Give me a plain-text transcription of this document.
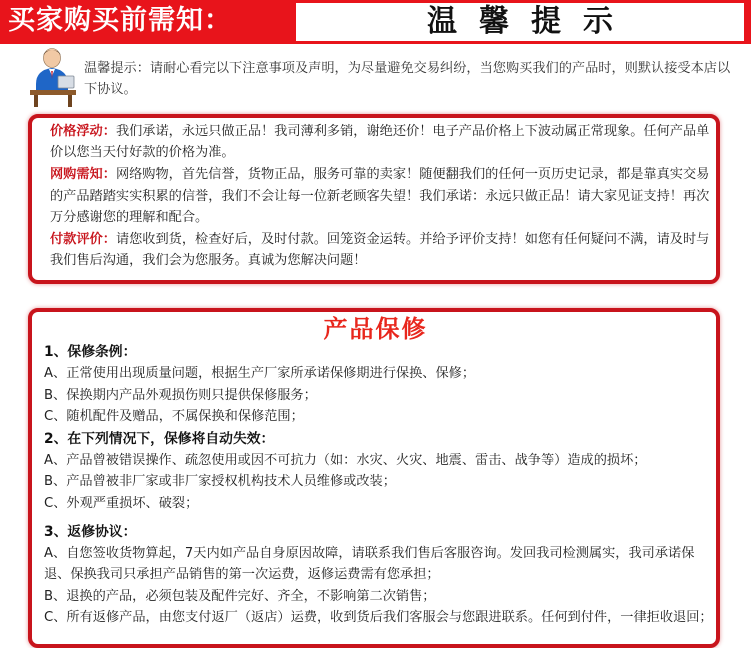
买家购买前需知：	温馨提示
温馨提示：请耐心看完以下注意事项及声明，为尽量避免交易纠纷，当您购买我们的产品时，则默认接受本店以下协议。

价格浮动：我们承诺，永远只做正品！我司薄利多销，谢绝还价！电子产品价格上下波动属正常现象。任何产品单价以您当天付好款的价格为准。

网购需知：网络购物，首先信誉，货物正品，服务可靠的卖家！随便翻我们的任何一页历史记录，都是靠真实交易的产品踏踏实实积累的信誉，我们不会让每一位新老顾客失望！我们承诺：永远只做正品！请大家见证支持！再次万分感谢您的理解和配合。

付款评价：请您收到货，检查好后，及时付款。回笼资金运转。并给予评价支持！如您有任何疑问不满，请及时与我们售后沟通，我们会为您服务。真诚为您解决问题！

产品保修
1、保修条例：
A、正常使用出现质量问题，根据生产厂家所承诺保修期进行保换、保修；
B、保换期内产品外观损伤则只提供保修服务；
C、随机配件及赠品，不属保换和保修范围；
2、在下列情况下，保修将自动失效：
A、产品曾被错误操作、疏忽使用或因不可抗力（如：水灾、火灾、地震、雷击、战争等）造成的损坏；
B、产品曾被非厂家或非厂家授权机构技术人员维修或改装；
C、外观严重损坏、破裂；
3、返修协议：
A、自您签收货物算起，7天内如产品自身原因故障，请联系我们售后客服咨询。发回我司检测属实，我司承诺保退、保换我司只承担产品销售的第一次运费，返修运费需有您承担；
B、退换的产品，必须包装及配件完好、齐全，不影响第二次销售；
C、所有返修产品，由您支付返厂（返店）运费，收到货后我们客服会与您跟进联系。任何到付件，一律拒收退回；
